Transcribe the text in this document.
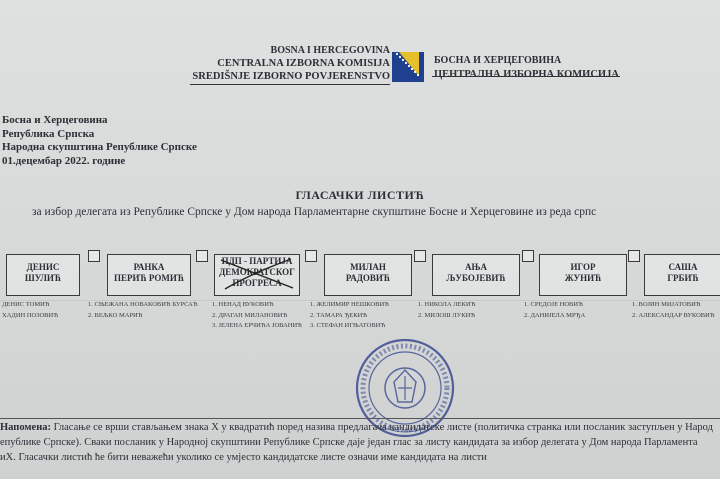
BOSNA I HERCEGOVINA
CENTRALNA IZBORNA KOMISIJA
SREDIŠNJE IZBORNO POVJERENSTVO
БОСНА И ХЕРЦЕГОВИНА
ЦЕНТРАЛНА ИЗБОРНА КОМИСИЈА
Босна и Херцеговина
Република Српска
Народна скупштина Републике Српске
01.децембар 2022. године
ГЛАСАЧКИ ЛИСТИЋ
за избор делегата из Републике Српске у Дом народа Парламентарне скупштине Босне и Херцеговине из реда српс
ДЕНИС
ШУЛИЋ
ДЕНИС ТОМИЋ
ХАДИН ПОЗОВИЋ
РАНКА
ПЕРИЋ РОМИЋ
1. СЊЕЖАНА НОВАКОВИЋ БУРСАЋ
2. ВЕЉКО МАРИЋ
ПДП - ПАРТИЈА
ДЕМОКРАТСКОГ
ПРОГРЕСА
1. НЕНАД ВУКОВИЋ
2. ДРАГАН МИЛАНОВИЋ
3. ЈЕЛЕНА ЕРЧИЋА ЈОВАНИЋ
МИЛАН
РАДОВИЋ
1. ЖЕЛИМИР НЕШКОВИЋ
2. ТАМАРА ЂЕКИЋ
3. СТЕФАН ИГЊАТОВИЋ
АЊА
ЉУБОЈЕВИЋ
1. НИКОЛА ЛЕКИЋ
2. МИЛОШ ЛУКИЋ
ИГОР
ЖУНИЋ
1. СРЕДОЈЕ НОВИЋ
2. ДАНИЈЕЛА МРЂА
САША
ГРБИЋ
1. ВОЈИН МИЈАТОВИЋ
2. АЛЕКСАНДАР ВУКОВИЋ
Напомена: Гласање се врши стављањем знака X у квадратић поред назива предлагача кандидатске листе (политичка странка или посланик заступљен у Народ
епублике Српске). Сваки посланик у Народној скупштини Републике Српске даје један глас за листу кандидата за избор делегата у Дом народа Парламента
иХ. Гласачки листић ће бити неважећи уколико се умјесто кандидатске листе означи име кандидата на листи
